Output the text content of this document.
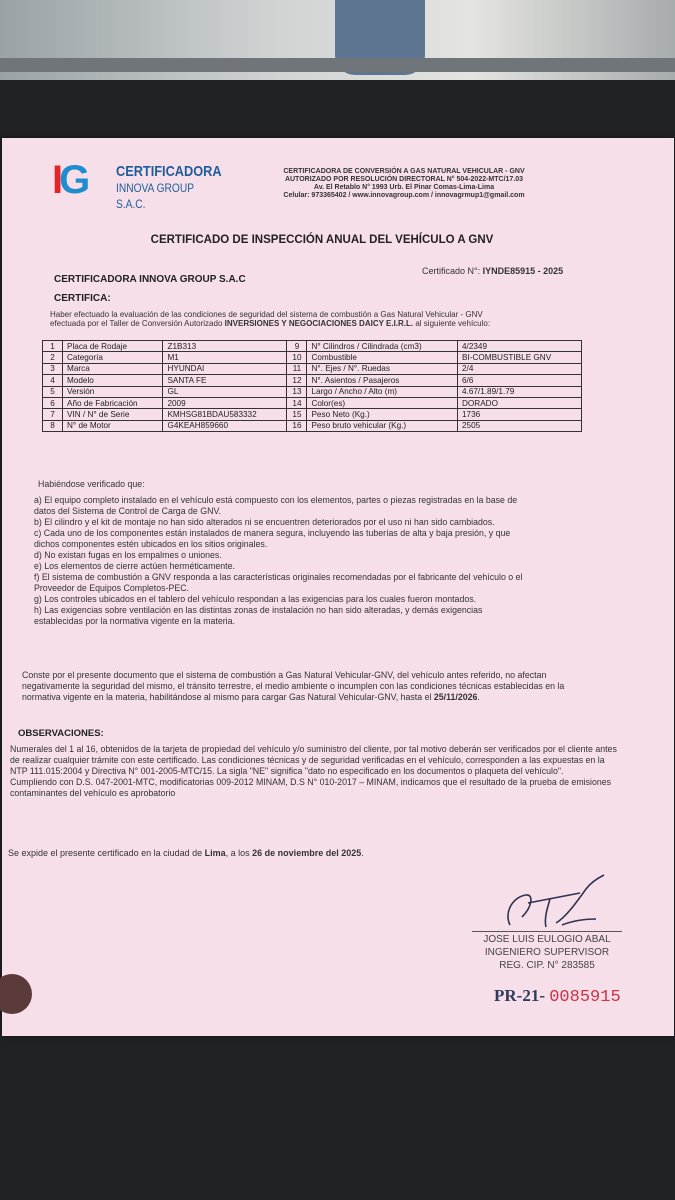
IG CERTIFICADORA
INNOVA GROUP S.A.C.
CERTIFICADORA DE CONVERSIÓN A GAS NATURAL VEHICULAR - GNV
AUTORIZADO POR RESOLUCIÓN DIRECTORAL N° 504-2022-MTC/17.03
Av. El Retablo N° 1993 Urb. El Pinar Comas-Lima-Lima
Celular: 973365402 / www.innovagroup.com / innovagrmup1@gmail.com
CERTIFICADO DE INSPECCIÓN ANUAL DEL VEHÍCULO A GNV
Certificado N°: IYNDE85915 - 2025
CERTIFICADORA INNOVA GROUP S.A.C
CERTIFICA:
Haber efectuado la evaluación de las condiciones de seguridad del sistema de combustión a Gas Natural Vehicular - GNV
efectuada por el Taller de Conversión Autorizado INVERSIONES Y NEGOCIACIONES DAICY E.I.R.L. al siguiente vehículo:
1	Placa de Rodaje	Z1B313	9	N° Cilindros / Cilindrada (cm3)	4/2349
2	Categoría	M1	10	Combustible	BI-COMBUSTIBLE GNV
3	Marca	HYUNDAI	11	N°. Ejes / N°. Ruedas	2/4
4	Modelo	SANTA FE	12	N°. Asientos / Pasajeros	6/6
5	Versión	GL	13	Largo / Ancho / Alto (m)	4.67/1.89/1.79
6	Año de Fabricación	2009	14	Color(es)	DORADO
7	VIN / N° de Serie	KMHSG81BDAU583332	15	Peso Neto (Kg.)	1736
8	N° de Motor	G4KEAH859660	16	Peso bruto vehicular (Kg.)	2505
Habiéndose verificado que:
a) El equipo completo instalado en el vehículo está compuesto con los elementos, partes o piezas registradas en la base de
datos del Sistema de Control de Carga de GNV.
b) El cilindro y el kit de montaje no han sido alterados ni se encuentren deteriorados por el uso ni han sido cambiados.
c) Cada uno de los componentes están instalados de manera segura, incluyendo las tuberías de alta y baja presión, y que
dichos componentes estén ubicados en los sitios originales.
d) No existan fugas en los empalmes o uniones.
e) Los elementos de cierre actúen herméticamente.
f) El sistema de combustión a GNV responda a las características originales recomendadas por el fabricante del vehículo o el
Proveedor de Equipos Completos-PEC.
g) Los controles ubicados en el tablero del vehículo respondan a las exigencias para los cuales fueron montados.
h) Las exigencias sobre ventilación en las distintas zonas de instalación no han sido alteradas, y demás exigencias
establecidas por la normativa vigente en la materia.
Conste por el presente documento que el sistema de combustión a Gas Natural Vehicular-GNV, del vehículo antes referido, no afectan negativamente la seguridad del mismo, el tránsito terrestre, el medio ambiente o incumplen con las condiciones técnicas establecidas en la normativa vigente en la materia, habilitándose al mismo para cargar Gas Natural Vehicular-GNV, hasta el 25/11/2026.
OBSERVACIONES:
Numerales del 1 al 16, obtenidos de la tarjeta de propiedad del vehículo y/o suministro del cliente, por tal motivo deberán ser verificados por el cliente antes de realizar cualquier trámite con este certificado. Las condiciones técnicas y de seguridad verificadas en el vehículo, corresponden a las expuestas en la NTP 111.015:2004 y Directiva N° 001-2005-MTC/15. La sigla "NE" significa "dato no especificado en los documentos o plaqueta del vehículo".
Cumpliendo con D.S. 047-2001-MTC, modificatorias 009-2012 MINAM, D.S N° 010-2017 – MINAM, indicamos que el resultado de la prueba de emisiones contaminantes del vehículo es aprobatorio
Se expide el presente certificado en la ciudad de Lima, a los 26 de noviembre del 2025.
JOSE LUIS EULOGIO ABAL
INGENIERO SUPERVISOR
REG. CIP. N° 283585
PR-21- 0085915
